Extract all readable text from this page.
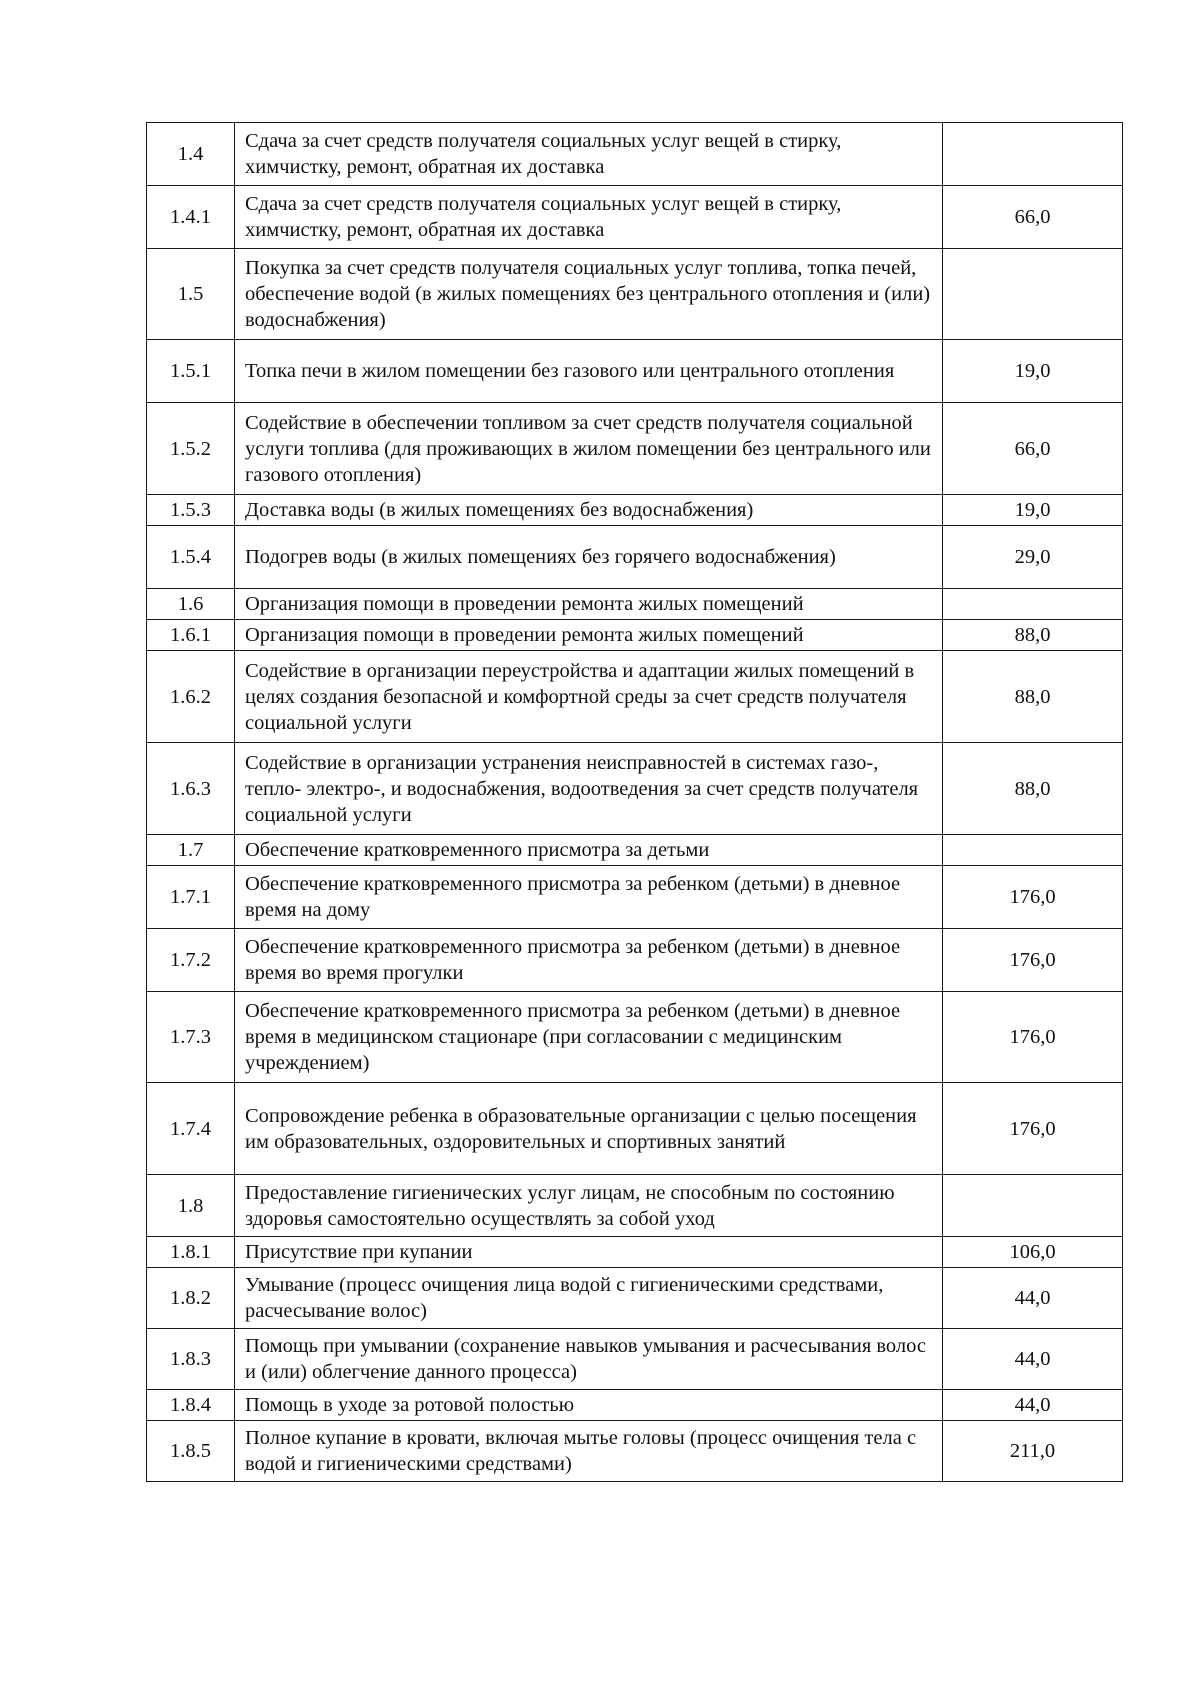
1.4	Сдача за счет средств получателя социальных услуг вещей в стирку, химчистку, ремонт, обратная их доставка	
1.4.1	Сдача за счет средств получателя социальных услуг вещей в стирку, химчистку, ремонт, обратная их доставка	66,0
1.5	Покупка за счет средств получателя социальных услуг топлива, топка печей, обеспечение водой (в жилых помещениях без центрального отопления и (или) водоснабжения)	
1.5.1	Топка печи в жилом помещении без газового или центрального отопления	19,0
1.5.2	Содействие в обеспечении топливом за счет средств получателя социальной услуги топлива (для проживающих в жилом помещении без центрального или газового отопления)	66,0
1.5.3	Доставка воды (в жилых помещениях без водоснабжения)	19,0
1.5.4	Подогрев воды (в жилых помещениях без горячего водоснабжения)	29,0
1.6	Организация помощи в проведении ремонта жилых помещений	
1.6.1	Организация помощи в проведении ремонта жилых помещений	88,0
1.6.2	Содействие в организации переустройства и адаптации жилых помещений в целях создания безопасной и комфортной среды за счет средств получателя социальной услуги	88,0
1.6.3	Содействие в организации устранения неисправностей в системах газо-, тепло- электро-, и водоснабжения, водоотведения за счет средств получателя социальной услуги	88,0
1.7	Обеспечение кратковременного присмотра за детьми	
1.7.1	Обеспечение кратковременного присмотра за ребенком (детьми) в дневное время на дому	176,0
1.7.2	Обеспечение кратковременного присмотра за ребенком (детьми) в дневное время во время прогулки	176,0
1.7.3	Обеспечение кратковременного присмотра за ребенком (детьми) в дневное время в медицинском стационаре (при согласовании с медицинским учреждением)	176,0
1.7.4	Сопровождение ребенка в образовательные организации с целью посещения им образовательных, оздоровительных и спортивных занятий	176,0
1.8	Предоставление гигиенических услуг лицам, не способным по состоянию здоровья самостоятельно осуществлять за собой уход	
1.8.1	Присутствие при купании	106,0
1.8.2	Умывание (процесс очищения лица водой с гигиеническими средствами, расчесывание волос)	44,0
1.8.3	Помощь при умывании (сохранение навыков умывания и расчесывания волос и (или) облегчение данного процесса)	44,0
1.8.4	Помощь в уходе за ротовой полостью	44,0
1.8.5	Полное купание в кровати, включая мытье головы (процесс очищения тела с водой и гигиеническими средствами)	211,0
